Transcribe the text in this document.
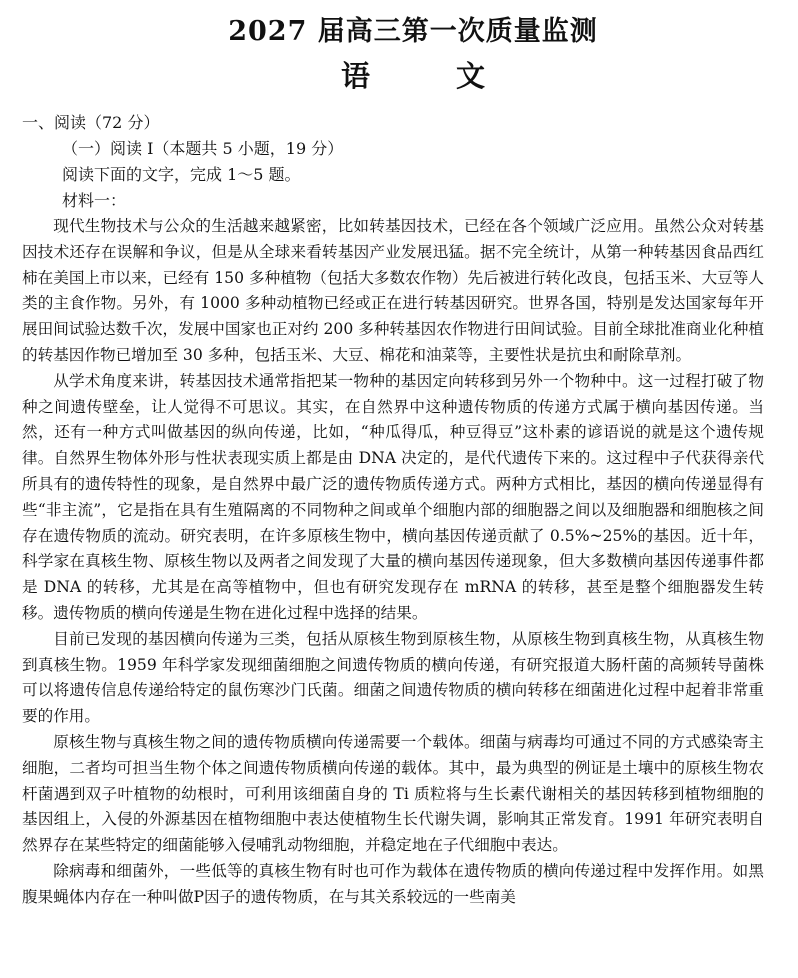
2027 届高三第一次质量监测
语 文

一、阅读（72 分）

（一）阅读 I（本题共 5 小题，19 分）

阅读下面的文字，完成 1～5 题。

材料一：

现代生物技术与公众的生活越来越紧密，比如转基因技术，已经在各个领域广泛应用。虽然公众对转基因技术还存在误解和争议，但是从全球来看转基因产业发展迅猛。据不完全统计，从第一种转基因食品西红柿在美国上市以来，已经有 150 多种植物（包括大多数农作物）先后被进行转化改良，包括玉米、大豆等人类的主食作物。另外，有 1000 多种动植物已经或正在进行转基因研究。世界各国，特别是发达国家每年开展田间试验达数千次，发展中国家也正对约 200 多种转基因农作物进行田间试验。目前全球批准商业化种植的转基因作物已增加至 30 多种，包括玉米、大豆、棉花和油菜等，主要性状是抗虫和耐除草剂。

从学术角度来讲，转基因技术通常指把某一物种的基因定向转移到另外一个物种中。这一过程打破了物种之间遗传壁垒，让人觉得不可思议。其实，在自然界中这种遗传物质的传递方式属于横向基因传递。当然，还有一种方式叫做基因的纵向传递，比如，“种瓜得瓜，种豆得豆”这朴素的谚语说的就是这个遗传规律。自然界生物体外形与性状表现实质上都是由 DNA 决定的，是代代遗传下来的。这过程中子代获得亲代所具有的遗传特性的现象，是自然界中最广泛的遗传物质传递方式。两种方式相比，基因的横向传递显得有些“非主流”，它是指在具有生殖隔离的不同物种之间或单个细胞内部的细胞器之间以及细胞器和细胞核之间存在遗传物质的流动。研究表明，在许多原核生物中，横向基因传递贡献了 0.5%~25%的基因。近十年，科学家在真核生物、原核生物以及两者之间发现了大量的横向基因传递现象，但大多数横向基因传递事件都是 DNA 的转移，尤其是在高等植物中，但也有研究发现存在 mRNA 的转移，甚至是整个细胞器发生转移。遗传物质的横向传递是生物在进化过程中选择的结果。

目前已发现的基因横向传递为三类，包括从原核生物到原核生物，从原核生物到真核生物，从真核生物到真核生物。1959 年科学家发现细菌细胞之间遗传物质的横向传递，有研究报道大肠杆菌的高频转导菌株可以将遗传信息传递给特定的鼠伤寒沙门氏菌。细菌之间遗传物质的横向转移在细菌进化过程中起着非常重要的作用。

原核生物与真核生物之间的遗传物质横向传递需要一个载体。细菌与病毒均可通过不同的方式感染寄主细胞，二者均可担当生物个体之间遗传物质横向传递的载体。其中，最为典型的例证是土壤中的原核生物农杆菌遇到双子叶植物的幼根时，可利用该细菌自身的 Ti 质粒将与生长素代谢相关的基因转移到植物细胞的基因组上，入侵的外源基因在植物细胞中表达使植物生长代谢失调，影响其正常发育。1991 年研究表明自然界存在某些特定的细菌能够入侵哺乳动物细胞，并稳定地在子代细胞中表达。

除病毒和细菌外，一些低等的真核生物有时也可作为载体在遗传物质的横向传递过程中发挥作用。如黑腹果蝇体内存在一种叫做P因子的遗传物质，在与其关系较远的一些南美
